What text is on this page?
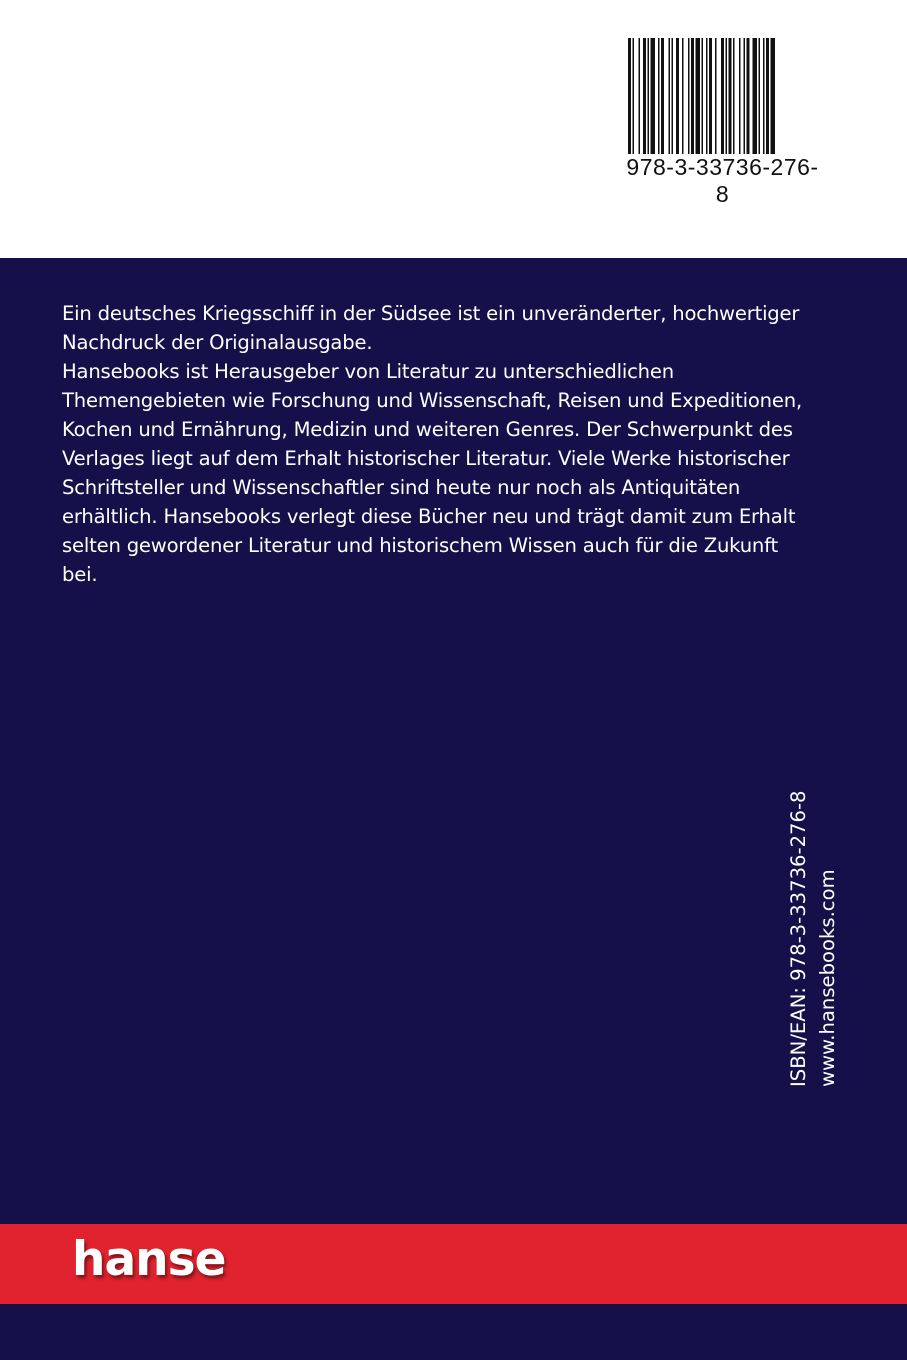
978-3-33736-276-8

Ein deutsches Kriegsschiff in der Südsee ist ein unveränderter, hochwertiger
Nachdruck der Originalausgabe.
Hansebooks ist Herausgeber von Literatur zu unterschiedlichen
Themengebieten wie Forschung und Wissenschaft, Reisen und Expeditionen,
Kochen und Ernährung, Medizin und weiteren Genres. Der Schwerpunkt des
Verlages liegt auf dem Erhalt historischer Literatur. Viele Werke historischer
Schriftsteller und Wissenschaftler sind heute nur noch als Antiquitäten
erhältlich. Hansebooks verlegt diese Bücher neu und trägt damit zum Erhalt
selten gewordener Literatur und historischem Wissen auch für die Zukunft
bei.

ISBN/EAN: 978-3-33736-276-8 www.hansebooks.com
hanse
